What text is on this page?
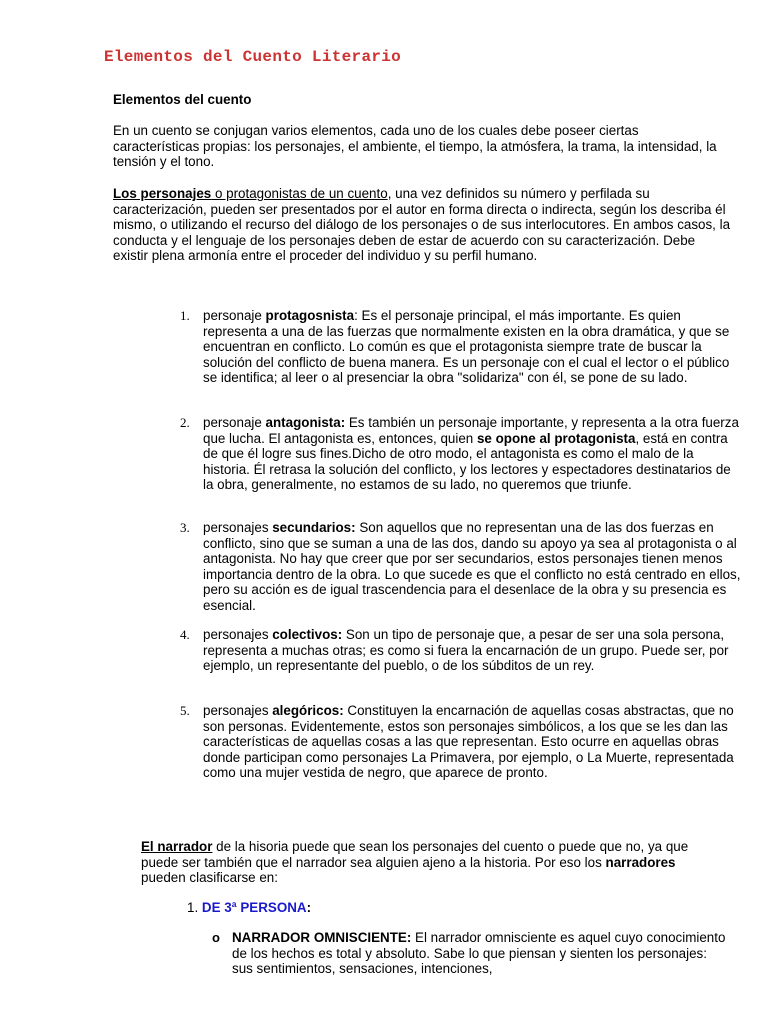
Elementos del Cuento Literario
Elementos del cuento
En un cuento se conjugan varios elementos, cada uno de los cuales debe poseer ciertas características propias: los personajes, el ambiente, el tiempo, la atmósfera, la trama, la intensidad, la tensión y el tono.
Los personajes o protagonistas de un cuento, una vez definidos su número y perfilada su caracterización, pueden ser presentados por el autor en forma directa o indirecta, según los describa él mismo, o utilizando el recurso del diálogo de los personajes o de sus interlocutores. En ambos casos, la conducta y el lenguaje de los personajes deben de estar de acuerdo con su caracterización. Debe existir plena armonía entre el proceder del individuo y su perfil humano.
1. personaje protagosnista: Es el personaje principal, el más importante. Es quien representa a una de las fuerzas que normalmente existen en la obra dramática, y que se encuentran en conflicto. Lo común es que el protagonista siempre trate de buscar la solución del conflicto de buena manera. Es un personaje con el cual el lector o el público se identifica; al leer o al presenciar la obra "solidariza" con él, se pone de su lado.
2. personaje antagonista: Es también un personaje importante, y representa a la otra fuerza que lucha. El antagonista es, entonces, quien se opone al protagonista, está en contra de que él logre sus fines.Dicho de otro modo, el antagonista es como el malo de la historia. Él retrasa la solución del conflicto, y los lectores y espectadores destinatarios de la obra, generalmente, no estamos de su lado, no queremos que triunfe.
3. personajes secundarios: Son aquellos que no representan una de las dos fuerzas en conflicto, sino que se suman a una de las dos, dando su apoyo ya sea al protagonista o al antagonista. No hay que creer que por ser secundarios, estos personajes tienen menos importancia dentro de la obra. Lo que sucede es que el conflicto no está centrado en ellos, pero su acción es de igual trascendencia para el desenlace de la obra y su presencia es esencial.
4. personajes colectivos: Son un tipo de personaje que, a pesar de ser una sola persona, representa a muchas otras; es como si fuera la encarnación de un grupo. Puede ser, por ejemplo, un representante del pueblo, o de los súbditos de un rey.
5. personajes alegóricos: Constituyen la encarnación de aquellas cosas abstractas, que no son personas. Evidentemente, estos son personajes simbólicos, a los que se les dan las características de aquellas cosas a las que representan. Esto ocurre en aquellas obras donde participan como personajes La Primavera, por ejemplo, o La Muerte, representada como una mujer vestida de negro, que aparece de pronto.
El narrador de la hisoria puede que sean los personajes del cuento o puede que no, ya que puede ser también que el narrador sea alguien ajeno a la historia. Por eso los narradores pueden clasificarse en:
1. DE 3ª PERSONA:
o NARRADOR OMNISCIENTE: El narrador omnisciente es aquel cuyo conocimiento de los hechos es total y absoluto. Sabe lo que piensan y sienten los personajes: sus sentimientos, sensaciones, intenciones,
